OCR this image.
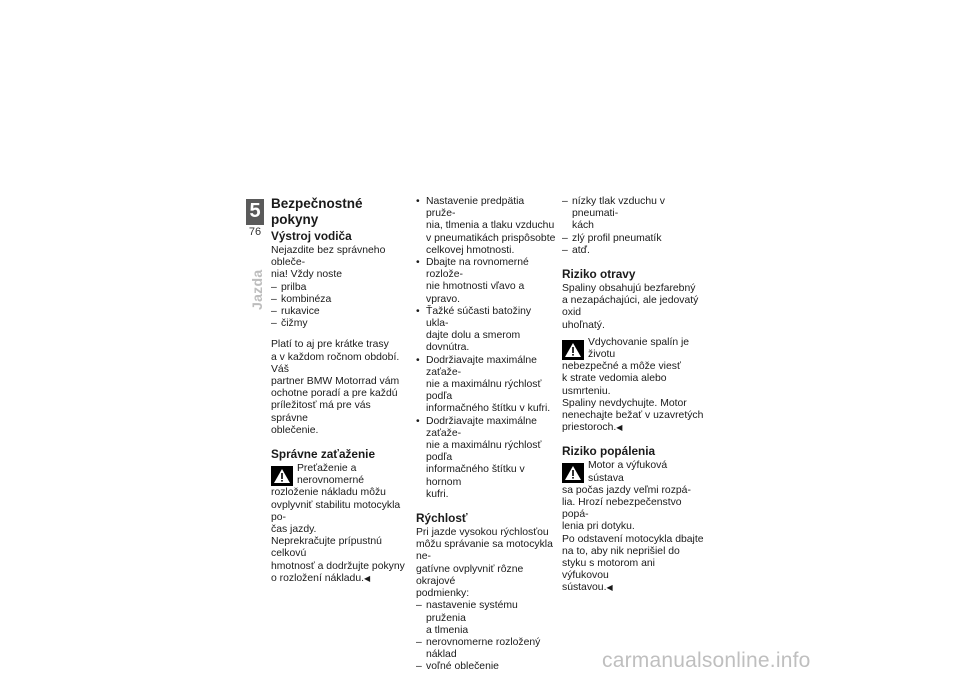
5
76
Jazda
Bezpečnostné pokyny
Výstroj vodiča

Nejazdite bez správneho obleče-
nia! Vždy noste

– prilba
– kombinéza
– rukavice
– čižmy

Platí to aj pre krátke trasy
a v každom ročnom období. Váš
partner BMW Motorrad vám
ochotne poradí a pre každú
príležitosť má pre vás správne
oblečenie.

Správne zaťaženie

Preťaženie a nerovnomerné
rozloženie nákladu môžu

ovplyvniť stabilitu motocykla po-
čas jazdy.

Neprekračujte prípustnú celkovú
hmotnosť a dodržujte pokyny
o rozložení nákladu.◀

• Nastavenie predpätia pruže-
nia, tlmenia a tlaku vzduchu
v pneumatikách prispôsobte
celkovej hmotnosti.
• Dbajte na rovnomerné rozlože-
nie hmotnosti vľavo a vpravo.
• Ťažké súčasti batožiny ukla-
dajte dolu a smerom dovnútra.
• Dodržiavajte maximálne zaťaže-
nie a maximálnu rýchlosť podľa
informačného štítku v kufri.
• Dodržiavajte maximálne zaťaže-
nie a maximálnu rýchlosť podľa
informačného štítku v hornom
kufri.
Rýchlosť

Pri jazde vysokou rýchlosťou
môžu správanie sa motocykla ne-
gatívne ovplyvniť rôzne okrajové
podmienky:

– nastavenie systému pruženia
a tlmenia
– nerovnomerne rozložený náklad
– voľné oblečenie
– nízky tlak vzduchu v pneumati-
kách
– zlý profil pneumatík
– atď.
Riziko otravy

Spaliny obsahujú bezfarebný
a nezapáchajúci, ale jedovatý oxid
uhoľnatý.

Vdychovanie spalín je životu
nebezpečné a môže viesť

k strate vedomia alebo usmrteniu.

Spaliny nevdychujte. Motor
nenechajte bežať v uzavretých
priestoroch.◀

Riziko popálenia

Motor a výfuková sústava
sa počas jazdy veľmi rozpá-

lia. Hrozí nebezpečenstvo popá-
lenia pri dotyku.

Po odstavení motocykla dbajte
na to, aby nik neprišiel do
styku s motorom ani výfukovou
sústavou.◀

carmanualsonline.info
